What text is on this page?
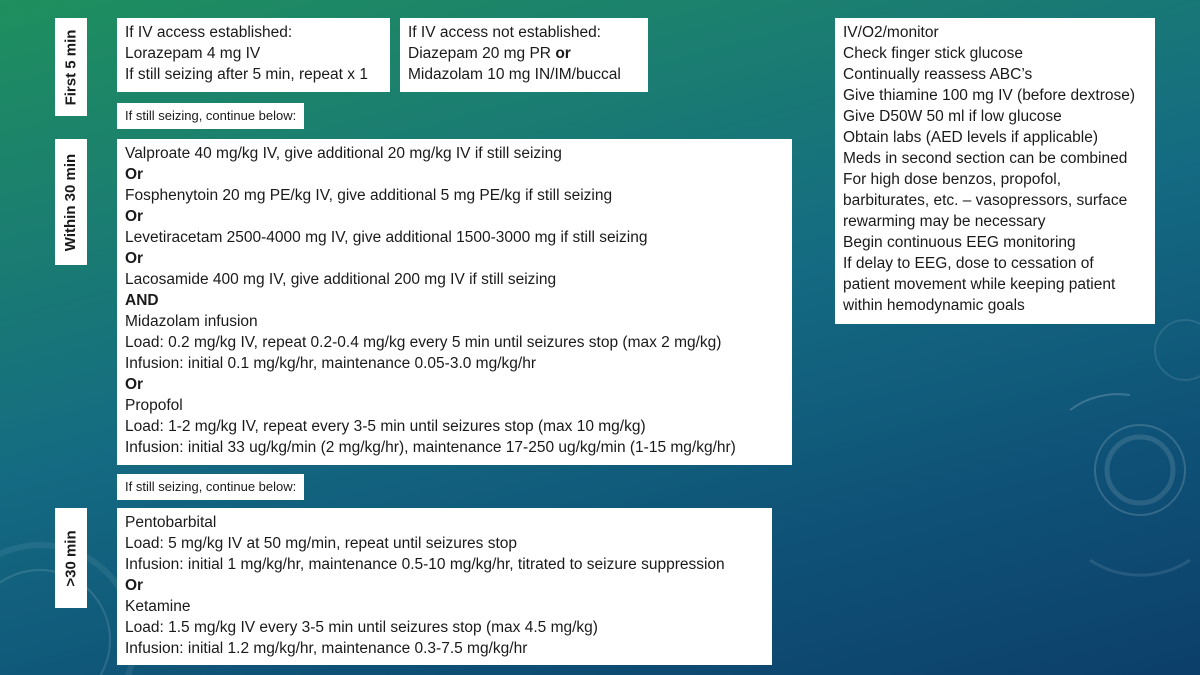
First 5 min
Within 30 min
>30 min
If IV access established:
Lorazepam 4 mg IV
If still seizing after 5 min, repeat x 1
If IV access not established:
Diazepam 20 mg PR or
Midazolam 10 mg IN/IM/buccal
If still seizing, continue below:
If still seizing, continue below:
Valproate 40 mg/kg IV, give additional 20 mg/kg IV if still seizing
Or
Fosphenytoin 20 mg PE/kg IV, give additional 5 mg PE/kg if still seizing
Or
Levetiracetam 2500-4000 mg IV, give additional 1500-3000 mg if still seizing
Or
Lacosamide 400 mg IV, give additional 200 mg IV if still seizing
AND
Midazolam infusion
Load: 0.2 mg/kg IV, repeat 0.2-0.4 mg/kg every 5 min until seizures stop (max 2 mg/kg)
Infusion: initial 0.1 mg/kg/hr, maintenance 0.05-3.0 mg/kg/hr
Or
Propofol
Load: 1-2 mg/kg IV, repeat every 3-5 min until seizures stop (max 10 mg/kg)
Infusion: initial 33 ug/kg/min (2 mg/kg/hr), maintenance 17-250 ug/kg/min (1-15 mg/kg/hr)
Pentobarbital
Load: 5 mg/kg IV at 50 mg/min, repeat until seizures stop
Infusion: initial 1 mg/kg/hr, maintenance 0.5-10 mg/kg/hr, titrated to seizure suppression
Or
Ketamine
Load: 1.5 mg/kg IV every 3-5 min until seizures stop (max 4.5 mg/kg)
Infusion: initial 1.2 mg/kg/hr, maintenance 0.3-7.5 mg/kg/hr
IV/O2/monitor
Check finger stick glucose
Continually reassess ABC’s
Give thiamine 100 mg IV (before dextrose)
Give D50W 50 ml if low glucose
Obtain labs (AED levels if applicable)
Meds in second section can be combined
For high dose benzos, propofol,
barbiturates, etc. – vasopressors, surface
rewarming may be necessary
Begin continuous EEG monitoring
If delay to EEG, dose to cessation of
patient movement while keeping patient
within hemodynamic goals
